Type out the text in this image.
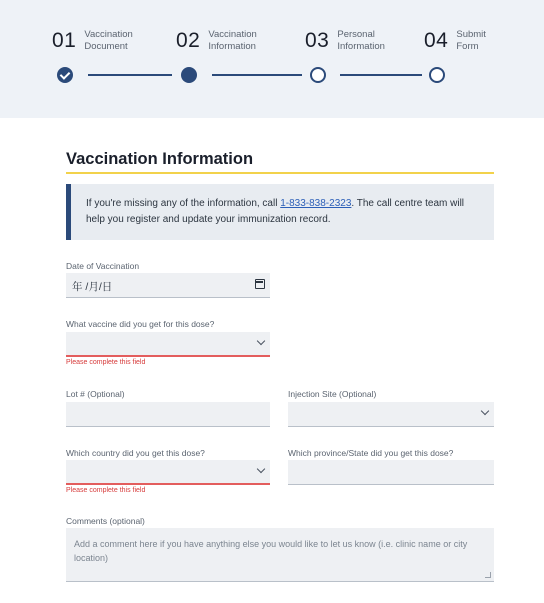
01 Vaccination
Document 02 Vaccination
Information 03 Personal
Information 04 Submit
Form
Vaccination Information
If you're missing any of the information, call 1-833-838-2323. The call centre team will help you register and update your immunization record.
Date of Vaccination
年 /月/日
What vaccine did you get for this dose?
Please complete this field
Lot # (Optional)	Injection Site (Optional)
Which country did you get this dose?
Please complete this field
Which province/State did you get this dose?
Comments (optional)
Add a comment here if you have anything else you would like to let us know (i.e. clinic name or city location)
